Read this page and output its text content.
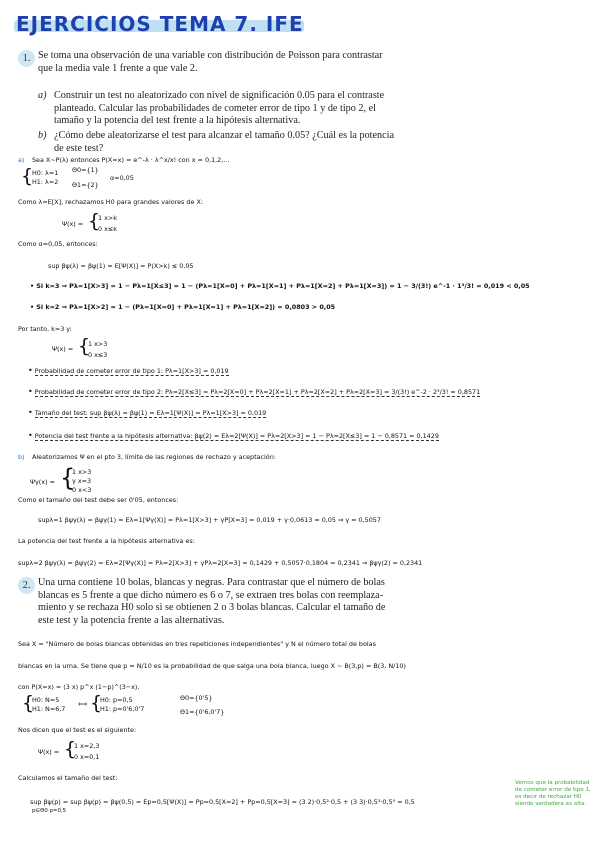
EJERCICIOS TEMA 7. IFE
1. Se toma una observación de una variable con distribución de Poisson para contrastar
que la media vale 1 frente a que vale 2.
a) Construir un test no aleatorizado con nivel de significación 0.05 para el contraste
planteado. Calcular las probabilidades de cometer error de tipo 1 y de tipo 2, el
tamaño y la potencia del test frente a la hipótesis alternativa.
b) ¿Cómo debe aleatorizarse el test para alcanzar el tamaño 0.05? ¿Cuál es la potencia
de este test?
a) Sea X~P(λ) entonces P(X=x) = e^-λ · λ^x/x! con x = 0,1,2,...
{
H0: λ=1
H1: λ=2
Θ0={1}
Θ1={2}
α=0,05
Como λ=E[X], rechazamos H0 para grandes valores de X:
Ψ(x) = {
1 x>k
0 x≤k
Como α=0,05, entonces:
sup βψ(λ) = βψ(1) = E[Ψ(X)] = P(X>k) ≤ 0,05
• Si k=3 ⇒ Pλ=1[X>3] = 1 − Pλ=1[X≤3] = 1 − (Pλ=1[X=0] + Pλ=1[X=1] + Pλ=1[X=2] + Pλ=1[X=3]) = 1 − 3/(3!) e^-1 · 1³/3! = 0,019 < 0,05
• Si k=2 ⇒ Pλ=1[X>2] = 1 − (Pλ=1[X=0] + Pλ=1[X=1] + Pλ=1[X=2]) = 0,0803 > 0,05
Por tanto, k=3 y:
Ψ(x) = {
1 x>3
0 x≤3
• Probabilidad de cometer error de tipo 1: Pλ=1[X>3] = 0,019
• Probabilidad de cometer error de tipo 2: Pλ=2[X≤3] = Pλ=2[X=0] + Pλ=2[X=1] + Pλ=2[X=2] + Pλ=2[X=3] = 3/(3!) e^-2 · 2³/3! = 0,8571
• Tamaño del test: sup βψ(λ) = βψ(1) = Eλ=1[Ψ(X)] = Pλ=1[X>3] = 0,019
• Potencia del test frente a la hipótesis alternativa: βψ(2) = Eλ=2[Ψ(X)] = Pλ=2[X>3] = 1 − Pλ=2[X≤3] = 1 − 0,8571 = 0,1429
b) Aleatorizamos Ψ en el pto 3, límite de las regiones de rechazo y aceptación:
Ψγ(x) = {
1 x>3
γ x=3
0 x<3
Como el tamaño del test debe ser 0'05, entonces:
supλ=1 βψγ(λ) = βψγ(1) = Eλ=1[Ψγ(X)] = Pλ=1[X>3] + γP[X=3] = 0,019 + γ·0,0613 = 0,05 ⇒ γ = 0,5057
La potencia del test frente a la hipótesis alternativa es:
supλ=2 βψγ(λ) = βψγ(2) = Eλ=2[Ψγ(X)] = Pλ=2[X>3] + γPλ=2[X=3] = 0,1429 + 0,5057·0,1804 = 0,2341 ⇒ βψγ(2) = 0,2341
2. Una urna contiene 10 bolas, blancas y negras. Para contrastar que el número de bolas
blancas es 5 frente a que dicho número es 6 o 7, se extraen tres bolas con reemplaza-
miento y se rechaza H0 solo si se obtienen 2 o 3 bolas blancas. Calcular el tamaño de
este test y la potencia frente a las alternativas.
Sea X = "Número de bolas blancas obtenidas en tres repeticiones independientes" y N el número total de bolas
blancas en la urna. Se tiene que p = N/10 es la probabilidad de que salga una bola blanca, luego X ~ B(3,p) = B(3, N/10)
con P(X=x) = (3 x) p^x (1−p)^(3−x).
{
H0: N=5
H1: N=6,7
⟺ {
H0: p=0,5
H1: p=0'6,0'7
Θ0={0'5}
Θ1={0'6,0'7}
Nos dicen que el test es el siguiente:
Ψ(x) = {
1 x=2,3
0 x=0,1
Calculamos el tamaño del test:
sup βψ(p) = sup βψ(p) = βψ(0,5) = Ep=0,5[Ψ(X)] = Pp=0,5[X=2] + Pp=0,5[X=3] = (3 2)·0,5²·0,5 + (3 3)·0,5³·0,5⁰ = 0,5
p∈Θ0 p=0,5
Vemos que la probabilidad de cometer error de tipo 1, es decir de rechazar H0 siendo verdadera es alta.
